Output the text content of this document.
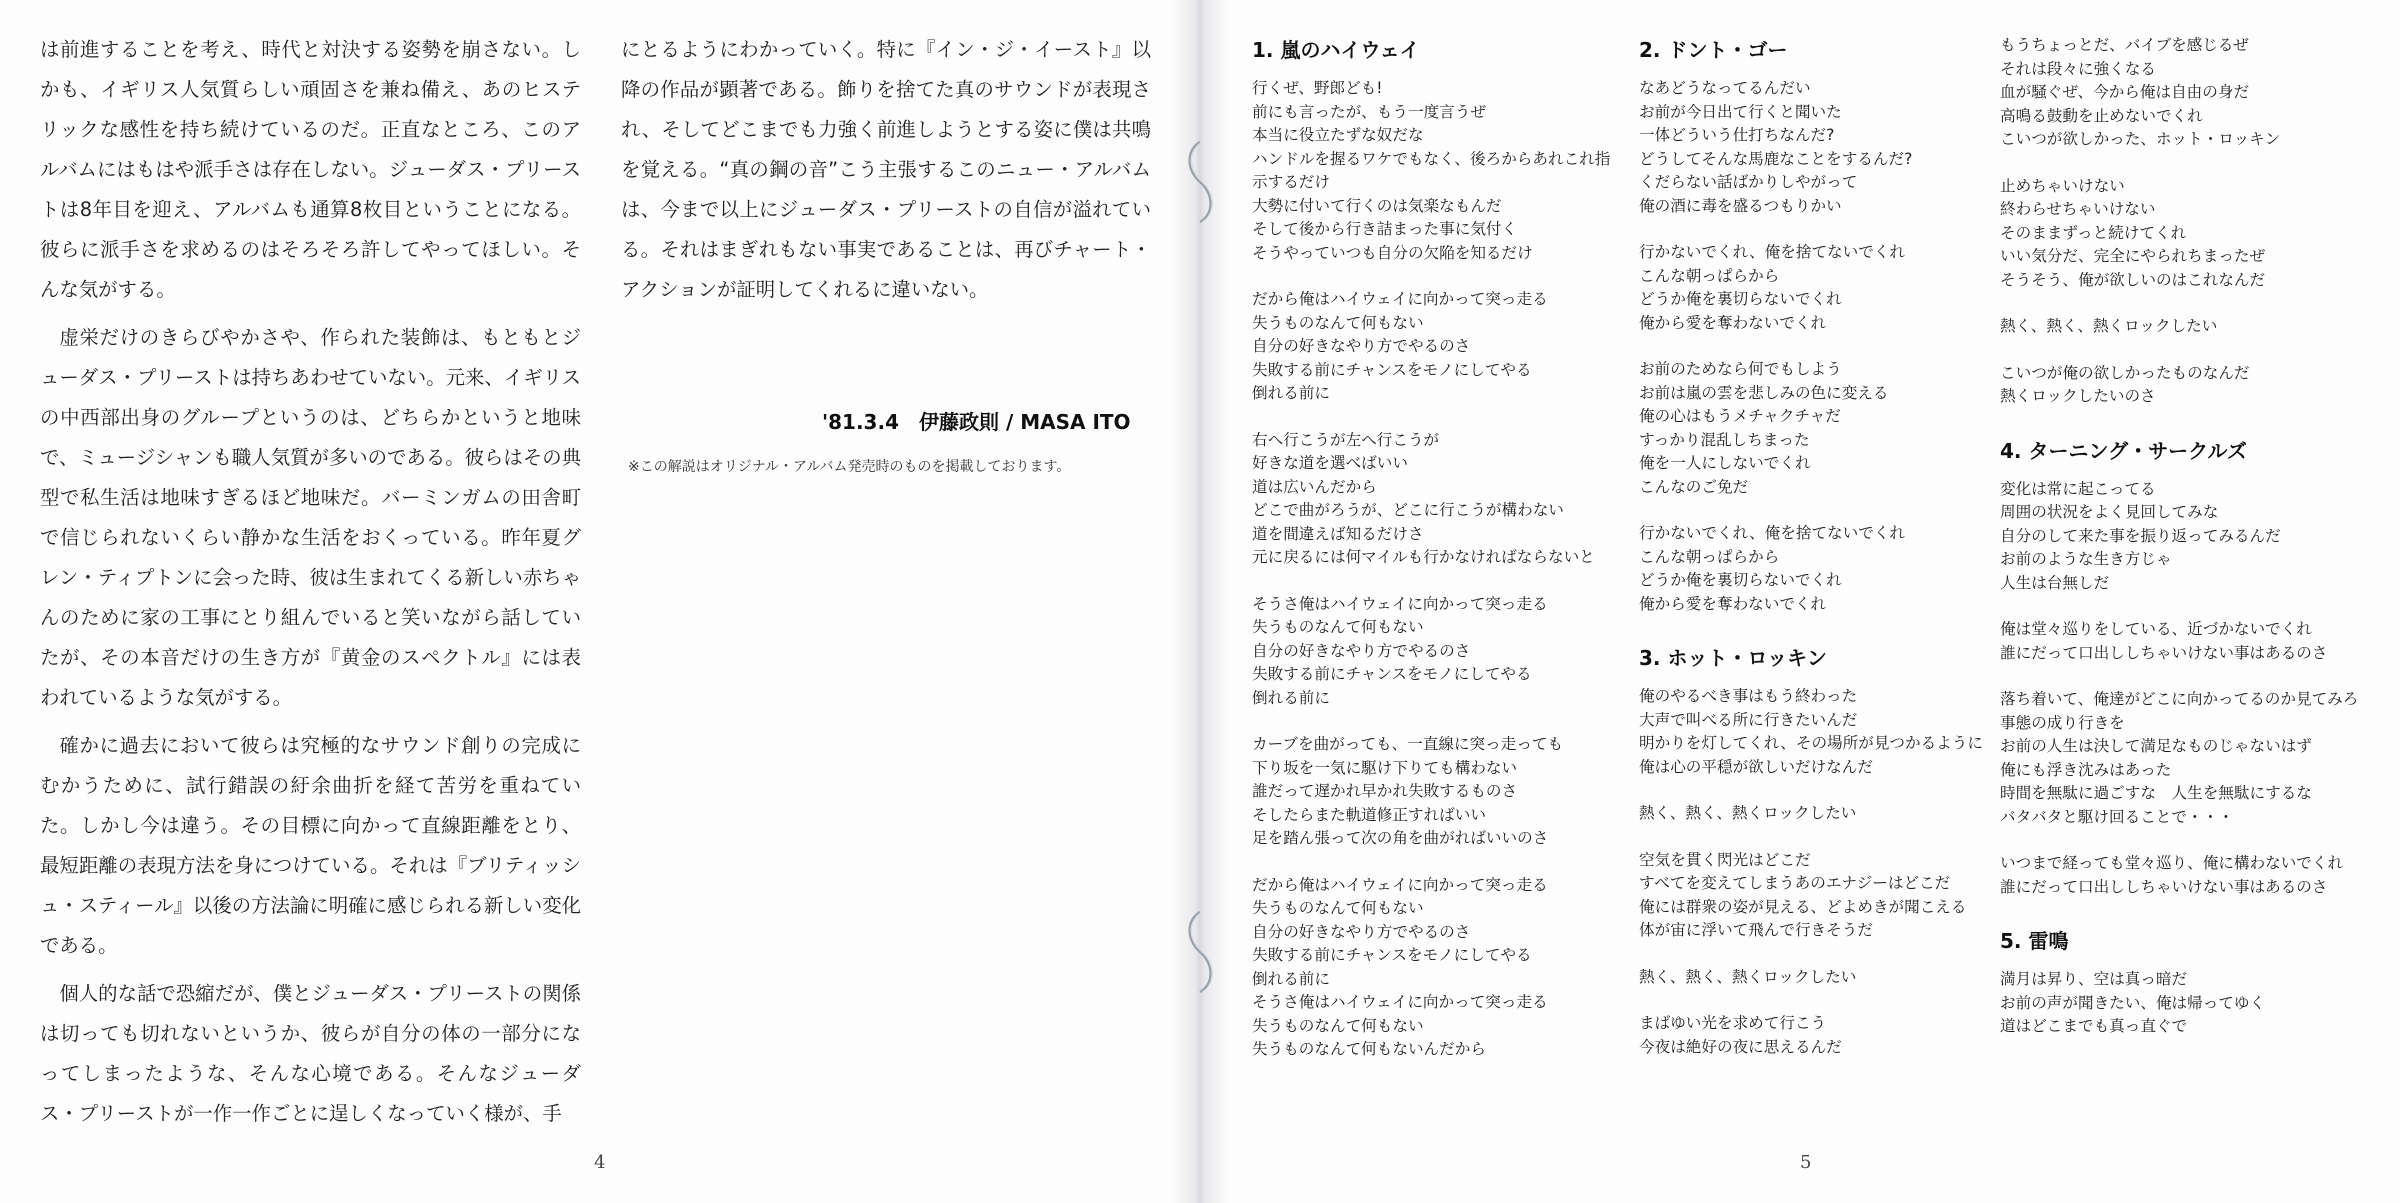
は前進することを考え、時代と対決する姿勢を崩さない。しかも、イギリス人気質らしい頑固さを兼ね備え、あのヒステリックな感性を持ち続けているのだ。正直なところ、このアルバムにはもはや派手さは存在しない。ジューダス・プリーストは8年目を迎え、アルバムも通算8枚目ということになる。彼らに派手さを求めるのはそろそろ許してやってほしい。そんな気がする。

虚栄だけのきらびやかさや、作られた装飾は、もともとジューダス・プリーストは持ちあわせていない。元来、イギリスの中西部出身のグループというのは、どちらかというと地味で、ミュージシャンも職人気質が多いのである。彼らはその典型で私生活は地味すぎるほど地味だ。バーミンガムの田舎町で信じられないくらい静かな生活をおくっている。昨年夏グレン・ティプトンに会った時、彼は生まれてくる新しい赤ちゃんのために家の工事にとり組んでいると笑いながら話していたが、その本音だけの生き方が『黄金のスペクトル』には表われているような気がする。

確かに過去において彼らは究極的なサウンド創りの完成にむかうために、試行錯誤の紆余曲折を経て苦労を重ねていた。しかし今は違う。その目標に向かって直線距離をとり、最短距離の表現方法を身につけている。それは『ブリティッシュ・スティール』以後の方法論に明確に感じられる新しい変化である。

個人的な話で恐縮だが、僕とジューダス・プリーストの関係は切っても切れないというか、彼らが自分の体の一部分になってしまったような、そんな心境である。そんなジューダス・プリーストが一作一作ごとに逞しくなっていく様が、手

にとるようにわかっていく。特に『イン・ジ・イースト』以降の作品が顕著である。飾りを捨てた真のサウンドが表現され、そしてどこまでも力強く前進しようとする姿に僕は共鳴を覚える。“真の鋼の音”こう主張するこのニュー・アルバムは、今まで以上にジューダス・プリーストの自信が溢れている。それはまぎれもない事実であることは、再びチャート・アクションが証明してくれるに違いない。

'81.3.4　伊藤政則 / MASA ITO
※この解説はオリジナル・アルバム発売時のものを掲載しております。
4
1. 嵐のハイウェイ
行くぜ、野郎ども!
前にも言ったが、もう一度言うぜ
本当に役立たずな奴だな
ハンドルを握るワケでもなく、後ろからあれこれ指
示するだけ
大勢に付いて行くのは気楽なもんだ
そして後から行き詰まった事に気付く
そうやっていつも自分の欠陥を知るだけ
だから俺はハイウェイに向かって突っ走る
失うものなんて何もない
自分の好きなやり方でやるのさ
失敗する前にチャンスをモノにしてやる
倒れる前に
右へ行こうが左へ行こうが
好きな道を選べばいい
道は広いんだから
どこで曲がろうが、どこに行こうが構わない
道を間違えば知るだけさ
元に戻るには何マイルも行かなければならないと
そうさ俺はハイウェイに向かって突っ走る
失うものなんて何もない
自分の好きなやり方でやるのさ
失敗する前にチャンスをモノにしてやる
倒れる前に
カーブを曲がっても、一直線に突っ走っても
下り坂を一気に駆け下りても構わない
誰だって遅かれ早かれ失敗するものさ
そしたらまた軌道修正すればいい
足を踏ん張って次の角を曲がればいいのさ
だから俺はハイウェイに向かって突っ走る
失うものなんて何もない
自分の好きなやり方でやるのさ
失敗する前にチャンスをモノにしてやる
倒れる前に
そうさ俺はハイウェイに向かって突っ走る
失うものなんて何もない
失うものなんて何もないんだから
2. ドント・ゴー
なあどうなってるんだい
お前が今日出て行くと聞いた
一体どういう仕打ちなんだ?
どうしてそんな馬鹿なことをするんだ?
くだらない話ばかりしやがって
俺の酒に毒を盛るつもりかい
行かないでくれ、俺を捨てないでくれ
こんな朝っぱらから
どうか俺を裏切らないでくれ
俺から愛を奪わないでくれ
お前のためなら何でもしよう
お前は嵐の雲を悲しみの色に変える
俺の心はもうメチャクチャだ
すっかり混乱しちまった
俺を一人にしないでくれ
こんなのご免だ
行かないでくれ、俺を捨てないでくれ
こんな朝っぱらから
どうか俺を裏切らないでくれ
俺から愛を奪わないでくれ
3. ホット・ロッキン
俺のやるべき事はもう終わった
大声で叫べる所に行きたいんだ
明かりを灯してくれ、その場所が見つかるように
俺は心の平穏が欲しいだけなんだ
熱く、熱く、熱くロックしたい
空気を貫く閃光はどこだ
すべてを変えてしまうあのエナジーはどこだ
俺には群衆の姿が見える、どよめきが聞こえる
体が宙に浮いて飛んで行きそうだ
熱く、熱く、熱くロックしたい
まばゆい光を求めて行こう
今夜は絶好の夜に思えるんだ
もうちょっとだ、バイブを感じるぜ
それは段々に強くなる
血が騒ぐぜ、今から俺は自由の身だ
高鳴る鼓動を止めないでくれ
こいつが欲しかった、ホット・ロッキン
止めちゃいけない
終わらせちゃいけない
そのままずっと続けてくれ
いい気分だ、完全にやられちまったぜ
そうそう、俺が欲しいのはこれなんだ
熱く、熱く、熱くロックしたい
こいつが俺の欲しかったものなんだ
熱くロックしたいのさ
4. ターニング・サークルズ
変化は常に起こってる
周囲の状況をよく見回してみな
自分のして来た事を振り返ってみるんだ
お前のような生き方じゃ
人生は台無しだ
俺は堂々巡りをしている、近づかないでくれ
誰にだって口出ししちゃいけない事はあるのさ
落ち着いて、俺達がどこに向かってるのか見てみろ
事態の成り行きを
お前の人生は決して満足なものじゃないはず
俺にも浮き沈みはあった
時間を無駄に過ごすな　人生を無駄にするな
バタバタと駆け回ることで・・・
いつまで経っても堂々巡り、俺に構わないでくれ
誰にだって口出ししちゃいけない事はあるのさ
5. 雷鳴
満月は昇り、空は真っ暗だ
お前の声が聞きたい、俺は帰ってゆく
道はどこまでも真っ直ぐで
5
